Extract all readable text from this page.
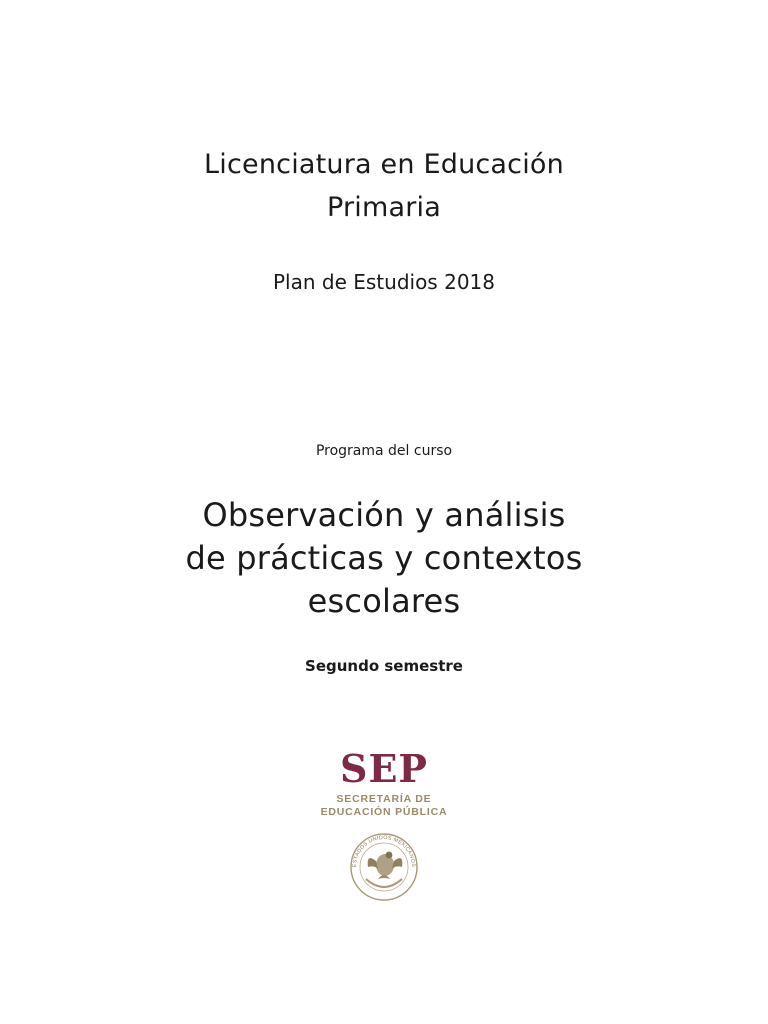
Licenciatura en Educación
Primaria
Plan de Estudios 2018
Programa del curso
Observación y análisis
de prácticas y contextos
escolares
Segundo semestre
SEP
SECRETARÍA DE
EDUCACIÓN PÚBLICA
ESTADOS UNIDOS MEXICANOS
